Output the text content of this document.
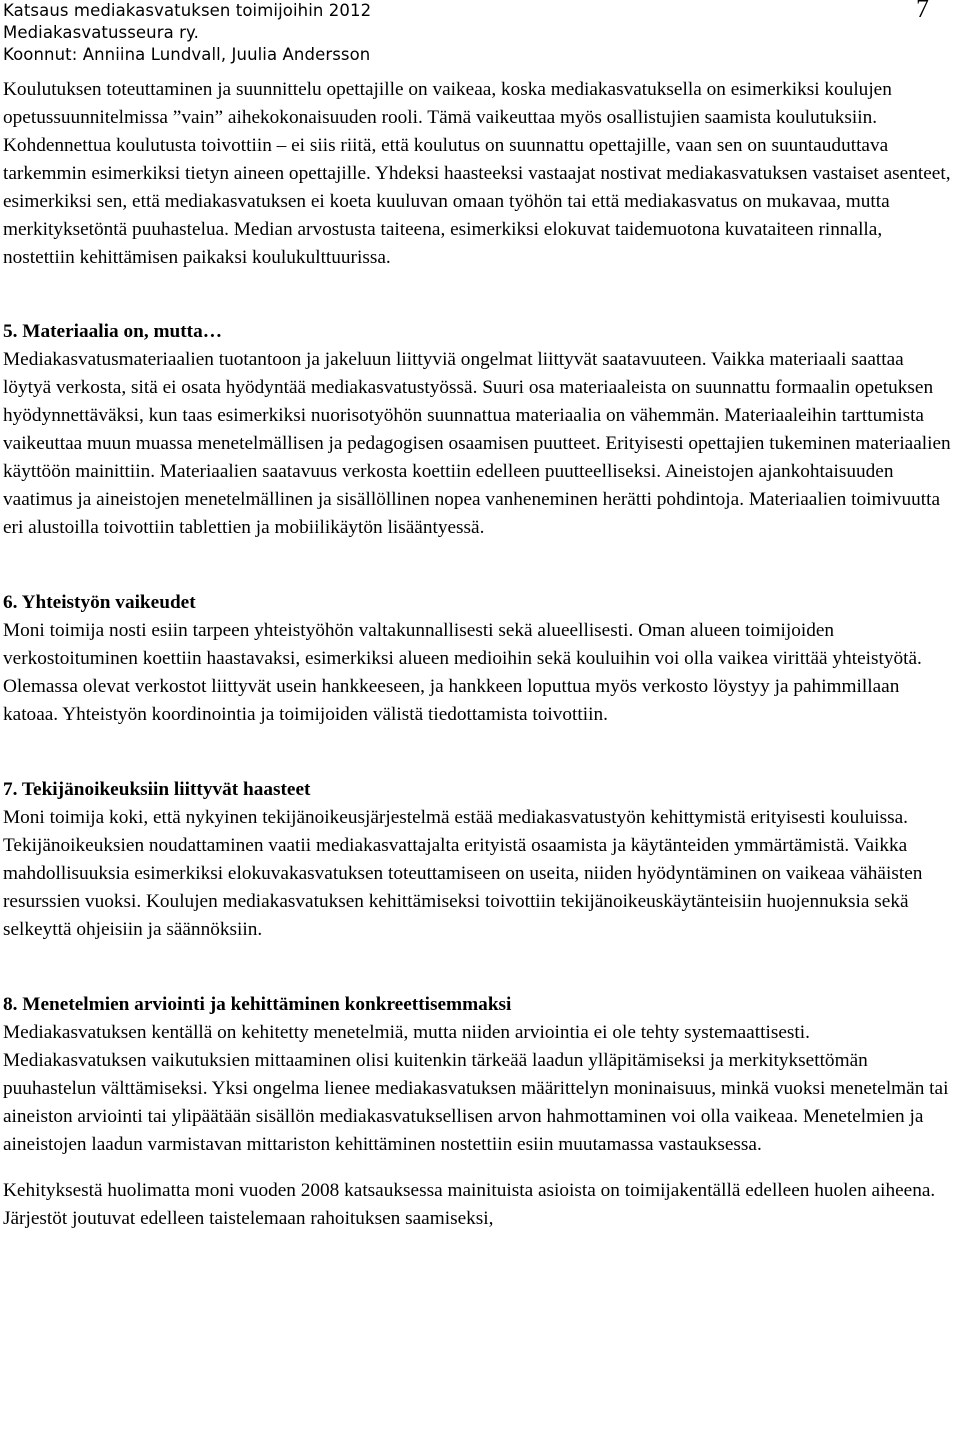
Katsaus mediakasvatuksen toimijoihin 2012
Mediakasvatusseura ry.
Koonnut: Anniina Lundvall, Juulia Andersson
7

Koulutuksen toteuttaminen ja suunnittelu opettajille on vaikeaa, koska mediakasvatuksella on esimerkiksi koulujen opetussuunnitelmissa ”vain” aihekokonaisuuden rooli. Tämä vaikeuttaa myös osallistujien saamista koulutuksiin. Kohdennettua koulutusta toivottiin – ei siis riitä, että koulutus on suunnattu opettajille, vaan sen on suuntauduttava tarkemmin esimerkiksi tietyn aineen opettajille. Yhdeksi haasteeksi vastaajat nostivat mediakasvatuksen vastaiset asenteet, esimerkiksi sen, että mediakasvatuksen ei koeta kuuluvan omaan työhön tai että mediakasvatus on mukavaa, mutta merkityksetöntä puuhastelua. Median arvostusta taiteena, esimerkiksi elokuvat taidemuotona kuvataiteen rinnalla, nostettiin kehittämisen paikaksi koulukulttuurissa.

5. Materiaalia on, mutta…

Mediakasvatusmateriaalien tuotantoon ja jakeluun liittyviä ongelmat liittyvät saatavuuteen. Vaikka materiaali saattaa löytyä verkosta, sitä ei osata hyödyntää mediakasvatustyössä. Suuri osa materiaaleista on suunnattu formaalin opetuksen hyödynnettäväksi, kun taas esimerkiksi nuorisotyöhön suunnattua materiaalia on vähemmän. Materiaaleihin tarttumista vaikeuttaa muun muassa menetelmällisen ja pedagogisen osaamisen puutteet. Erityisesti opettajien tukeminen materiaalien käyttöön mainittiin. Materiaalien saatavuus verkosta koettiin edelleen puutteelliseksi. Aineistojen ajankohtaisuuden vaatimus ja aineistojen menetelmällinen ja sisällöllinen nopea vanheneminen herätti pohdintoja. Materiaalien toimivuutta eri alustoilla toivottiin tablettien ja mobiilikäytön lisääntyessä.

6. Yhteistyön vaikeudet

Moni toimija nosti esiin tarpeen yhteistyöhön valtakunnallisesti sekä alueellisesti. Oman alueen toimijoiden verkostoituminen koettiin haastavaksi, esimerkiksi alueen medioihin sekä kouluihin voi olla vaikea virittää yhteistyötä. Olemassa olevat verkostot liittyvät usein hankkeeseen, ja hankkeen loputtua myös verkosto löystyy ja pahimmillaan katoaa. Yhteistyön koordinointia ja toimijoiden välistä tiedottamista toivottiin.

7. Tekijänoikeuksiin liittyvät haasteet

Moni toimija koki, että nykyinen tekijänoikeusjärjestelmä estää mediakasvatustyön kehittymistä erityisesti kouluissa. Tekijänoikeuksien noudattaminen vaatii mediakasvattajalta erityistä osaamista ja käytänteiden ymmärtämistä. Vaikka mahdollisuuksia esimerkiksi elokuvakasvatuksen toteuttamiseen on useita, niiden hyödyntäminen on vaikeaa vähäisten resurssien vuoksi. Koulujen mediakasvatuksen kehittämiseksi toivottiin tekijänoikeuskäytänteisiin huojennuksia sekä selkeyttä ohjeisiin ja säännöksiin.

8. Menetelmien arviointi ja kehittäminen konkreettisemmaksi

Mediakasvatuksen kentällä on kehitetty menetelmiä, mutta niiden arviointia ei ole tehty systemaattisesti. Mediakasvatuksen vaikutuksien mittaaminen olisi kuitenkin tärkeää laadun ylläpitämiseksi ja merkityksettömän puuhastelun välttämiseksi. Yksi ongelma lienee mediakasvatuksen määrittelyn moninaisuus, minkä vuoksi menetelmän tai aineiston arviointi tai ylipäätään sisällön mediakasvatuksellisen arvon hahmottaminen voi olla vaikeaa. Menetelmien ja aineistojen laadun varmistavan mittariston kehittäminen nostettiin esiin muutamassa vastauksessa.

Kehityksestä huolimatta moni vuoden 2008 katsauksessa mainituista asioista on toimijakentällä edelleen huolen aiheena. Järjestöt joutuvat edelleen taistelemaan rahoituksen saamiseksi,
